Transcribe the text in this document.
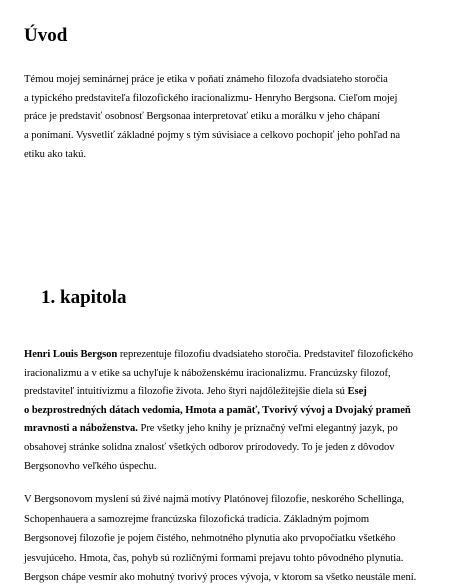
Úvod

Témou mojej seminárnej práce je etika v poňatí známeho filozofa dvadsiateho storočia
a typického predstaviteľa filozofického iracionalizmu- Henryho Bergsona. Cieľom mojej
práce je predstaviť osobnosť Bergsonaa interpretovať etiku a morálku v jeho chápaní
a ponímaní. Vysvetliť základné pojmy s tým súvisiace a celkovo pochopiť jeho pohľad na
etiku ako takú.

1. kapitola

Henri Louis Bergson reprezentuje filozofiu dvadsiateho storočia. Predstaviteľ filozofického
iracionalizmu a v etike sa uchyľuje k náboženskému iracionalizmu. Francúzsky filozof,
predstaviteľ intuitívizmu a filozofie života. Jeho štyri najdôležitejšie diela sú Esej
o bezprostredných dátach vedomia, Hmota a pamäť, Tvorivý vývoj a Dvojaký prameň
mravnosti a náboženstva. Pre všetky jeho knihy je príznačný veľmi elegantný jazyk, po
obsahovej stránke solidna znalosť všetkých odborov prírodovedy. To je jeden z dôvodov
Bergsonovho veľkého úspechu.

V Bergsonovom myslení sú živé najmä motívy Platónovej filozofie, neskorého Schellinga,
Schopenhauera a samozrejme francúzska filozofická tradícia. Základným pojmom
Bergsonovej filozofie je pojem čistého, nehmotného plynutia ako prvopočiatku všetkého
jesvujúceho. Hmota, čas, pohyb sú rozličnými formami prejavu tohto pôvodného plynutia.
Bergson chápe vesmír ako mohutný tvorivý proces vývoja, v ktorom sa všetko neustále mení.
